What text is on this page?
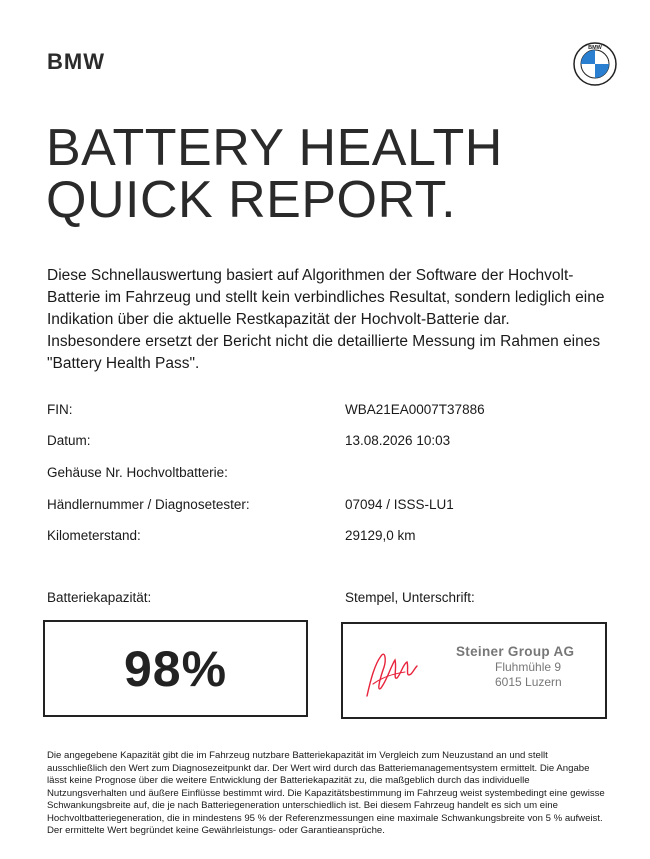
BMW
BMW
BATTERY HEALTH
QUICK REPORT.
Diese Schnellauswertung basiert auf Algorithmen der Software der Hochvolt-Batterie im Fahrzeug und stellt kein verbindliches Resultat, sondern lediglich eine Indikation über die aktuelle Restkapazität der Hochvolt-Batterie dar. Insbesondere ersetzt der Bericht nicht die detaillierte Messung im Rahmen eines "Battery Health Pass".
FIN:	WBA21EA0007T37886
Datum:	13.08.2026 10:03
Gehäuse Nr. Hochvoltbatterie:
Händlernummer / Diagnosetester:	07094 / ISSS-LU1
Kilometerstand:	29129,0 km
Batteriekapazität:	Stempel, Unterschrift:
98%	Steiner Group AG
Fluhmühle 9
6015 Luzern
Die angegebene Kapazität gibt die im Fahrzeug nutzbare Batteriekapazität im Vergleich zum Neuzustand an und stellt ausschließlich den Wert zum Diagnosezeitpunkt dar. Der Wert wird durch das Batteriemanagementsystem ermittelt. Die Angabe lässt keine Prognose über die weitere Entwicklung der Batteriekapazität zu, die maßgeblich durch das individuelle Nutzungsverhalten und äußere Einflüsse bestimmt wird. Die Kapazitätsbestimmung im Fahrzeug weist systembedingt eine gewisse Schwankungsbreite auf, die je nach Batteriegeneration unterschiedlich ist. Bei diesem Fahrzeug handelt es sich um eine Hochvoltbatteriegeneration, die in mindestens 95 % der Referenzmessungen eine maximale Schwankungsbreite von 5 % aufweist. Der ermittelte Wert begründet keine Gewährleistungs- oder Garantieansprüche.
